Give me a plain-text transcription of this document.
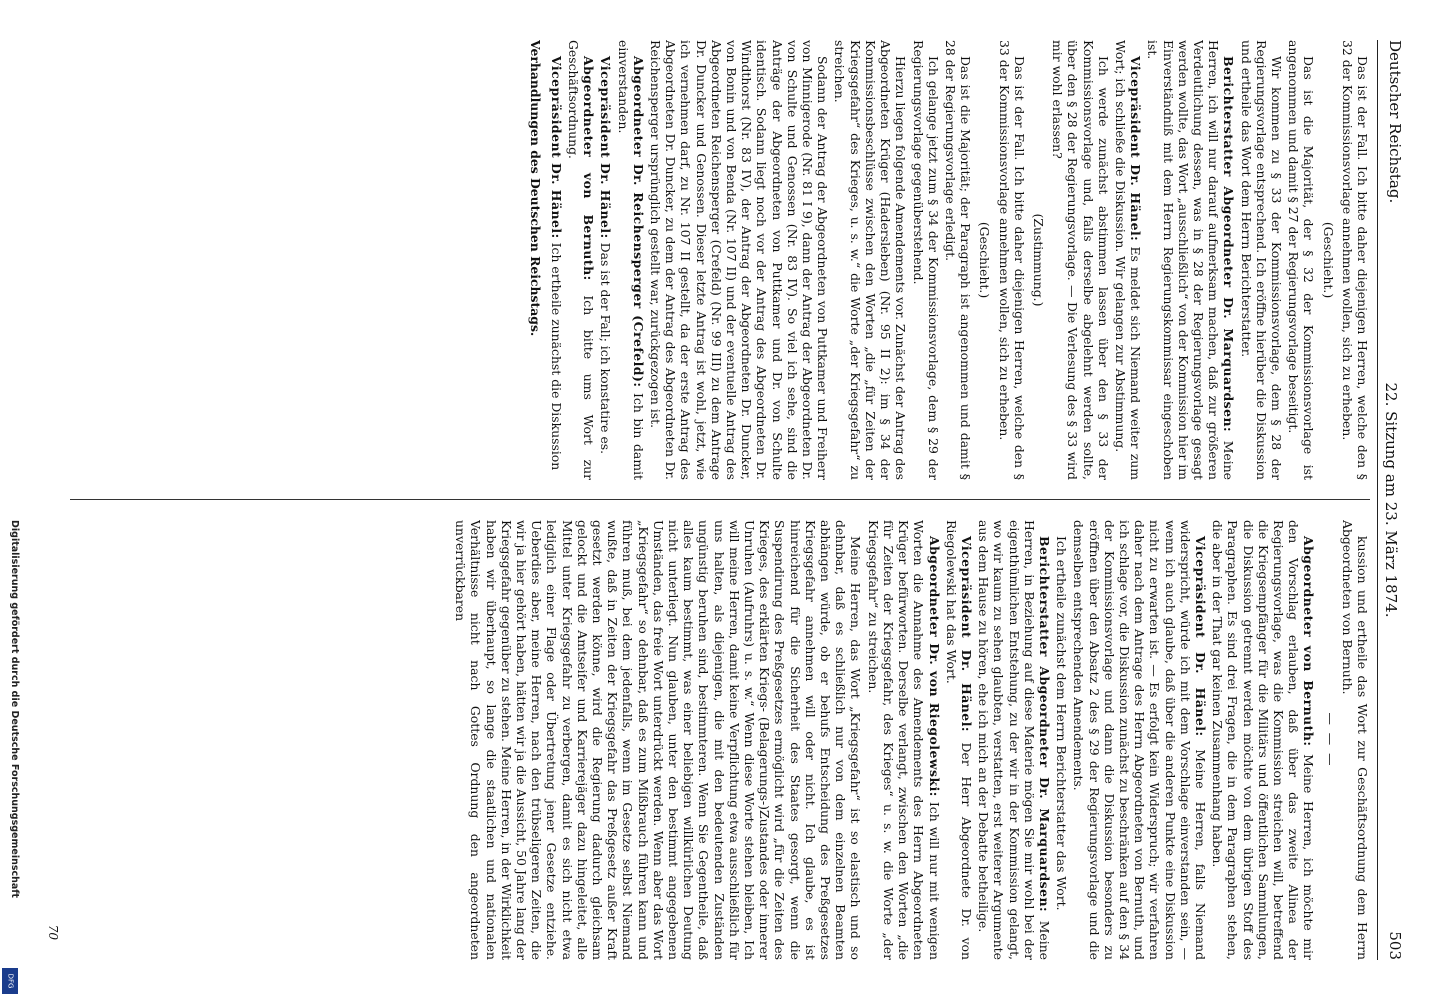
Deutscher Reichstag.
22. Sitzung am 23. März 1874.
503

Das ist der Fall. Ich bitte daher diejenigen Herren, welche den § 32 der Kommissionsvorlage annehmen wollen, sich zu erheben.

(Geschieht.)

Das ist die Majorität, der § 32 der Kommissionsvorlage ist angenommen und damit § 27 der Regierungsvorlage beseitigt.

Wir kommen zu § 33 der Kommissionsvorlage, dem § 28 der Regierungsvorlage entsprechend. Ich eröffne hierüber die Diskussion und ertheile das Wort dem Herrn Berichterstatter.

Berichterstatter Abgeordneter Dr. Marquardsen: Meine Herren, ich will nur darauf aufmerksam machen, daß zur größeren Verdeutlichung dessen, was in § 28 der Regierungsvorlage gesagt werden wollte, das Wort „ausschließlich“ von der Kommission hier im Einverständniß mit dem Herrn Regierungskommissar eingeschoben ist.

Vicepräsident Dr. Hänel: Es meldet sich Niemand weiter zum Wort; ich schließe die Diskussion. Wir gelangen zur Abstimmung.

Ich werde zunächst abstimmen lassen über den § 33 der Kommissionsvorlage und, falls derselbe abgelehnt werden sollte, über den § 28 der Regierungsvorlage. — Die Verlesung des § 33 wird mir wohl erlassen?

(Zustimmung.)

Das ist der Fall. Ich bitte daher diejenigen Herren, welche den § 33 der Kommissionsvorlage annehmen wollen, sich zu erheben.

(Geschieht.)

Das ist die Majorität; der Paragraph ist angenommen und damit § 28 der Regierungsvorlage erledigt.

Ich gelange jetzt zum § 34 der Kommissionsvorlage, dem § 29 der Regierungsvorlage gegenüberstehend.

Hierzu liegen folgende Amendements vor. Zunächst der Antrag des Abgeordneten Krüger (Hadersleben) (Nr. 95 II 2): im § 34 der Kommissionsbeschlüsse zwischen den Worten „die „für Zeiten der Kriegsgefahr“ des Krieges, u. s. w.“ die Worte „der Kriegsgefahr“ zu streichen.

Sodann der Antrag der Abgeordneten von Puttkamer und Freiherr von Minnigerode (Nr. 81 I 9), dann der Antrag der Abgeordneten Dr. von Schulte und Genossen (Nr. 83 IV). So viel ich sehe, sind die Anträge der Abgeordneten von Puttkamer und Dr. von Schulte identisch. Sodann liegt noch vor der Antrag des Abgeordneten Dr. Windthorst (Nr. 83 IV), der Antrag der Abgeordneten Dr. Duncker, von Bonin und von Benda (Nr. 107 II) und der eventuelle Antrag des Abgeordneten Reichensperger (Crefeld) (Nr. 99 III) zu dem Antrage Dr. Duncker und Genossen. Dieser letzte Antrag ist wohl, jetzt, wie ich vernehmen darf, zu Nr. 107 II gestellt, da der erste Antrag des Abgeordneten Dr. Duncker, zu dem der Antrag des Abgeordneten Dr. Reichensperger ursprünglich gestellt war, zurückgezogen ist.

Abgeordneter Dr. Reichensperger (Crefeld): Ich bin damit einverstanden.

Vicepräsident Dr. Hänel: Das ist der Fall; ich konstatire es.

Abgeordneter von Bernuth: Ich bitte ums Wort zur Geschäftsordnung.

Vicepräsident Dr. Hänel: Ich ertheile zunächst die Diskussion

Verhandlungen des Deutschen Reichstags.

kussion und ertheile das Wort zur Geschäftsordnung dem Herrn Abgeordneten von Bernuth.

— — —

Abgeordneter von Bernuth: Meine Herren, ich möchte mir den Vorschlag erlauben, daß über das zweite Alinea der Regierungsvorlage, was die Kommission streichen will, betreffend die Kriegsempfänger für die Militärs und öffentlichen Sammlungen, die Diskussion getrennt werden möchte von dem übrigen Stoff des Paragraphen. Es sind drei Fragen, die in dem Paragraphen stehen, die aber in der That gar keinen Zusammenhang haben.

Vicepräsident Dr. Hänel: Meine Herren, falls Niemand widerspricht, würde ich mit dem Vorschlage einverstanden sein, — wenn ich auch glaube, daß über die anderen Punkte eine Diskussion nicht zu erwarten ist. — Es erfolgt kein Widerspruch; wir verfahren daher nach dem Antrage des Herrn Abgeordneten von Bernuth, und ich schlage vor, die Diskussion zunächst zu beschränken auf den § 34 der Kommissionsvorlage und dann die Diskussion besonders zu eröffnen über den Absatz 2 des § 29 der Regierungsvorlage und die demselben entsprechenden Amendements.

Ich ertheile zunächst dem Herrn Berichterstatter das Wort.

Berichterstatter Abgeordneter Dr. Marquardsen: Meine Herren, in Beziehung auf diese Materie mögen Sie mir wohl bei der eigenthümlichen Entstehung, zu der wir in der Kommission gelangt, wo wir kaum zu sehen glaubten, verstatten, erst weiterer Argumente aus dem Hause zu hören, ehe ich mich an der Debatte betheilige.

Vicepräsident Dr. Hänel: Der Herr Abgeordnete Dr. von Riegolewski hat das Wort.

Abgeordneter Dr. von Riegolewski: Ich will nur mit wenigen Worten die Annahme des Amendements des Herrn Abgeordneten Krüger befürworten. Derselbe verlangt, zwischen den Worten „die für Zeiten der Kriegsgefahr, des Krieges“ u. s. w. die Worte „der Kriegsgefahr“ zu streichen.

Meine Herren, das Wort „Kriegsgefahr“ ist so elastisch und so dehnbar, daß es schließlich nur von dem einzelnen Beamten abhängen würde, ob er behufs Entscheidung des Preßgesetzes Kriegsgefahr annehmen will oder nicht. Ich glaube, es ist hinreichend für die Sicherheit des Staates gesorgt, wenn die Suspendirung des Preßgesetzes ermöglicht wird „für die Zeiten des Krieges, des erklärten Kriegs- (Belagerungs-)Zustandes oder innerer Unruhen (Aufruhrs) u. s. w.“ Wenn diese Worte stehen bleiben, Ich will meine Herren, damit keine Verpflichtung etwa ausschließlich für uns halten, als diejenigen, die mit den bedeutenden Zuständen ungünstig beruhen sind, bestimmteren. Wenn Sie Gegentheile, daß alles kaum bestimmt, was einer beliebigen willkürlichen Deutung nicht unterliegt. Nun glauben, unter den bestimmt angegebenen Umständen, das freie Wort unterdrückt werden. Wenn aber das Wort „Kriegsgefahr“ so dehnbar, daß es zum Mißbrauch führen kann und führen muß, bei dem jedenfalls, wenn im Gesetze selbst Niemand wußte, daß in Zeiten der Kriegsgefahr das Preßgesetz außer Kraft gesetzt werden könne, wird die Regierung dadurch gleichsam gelockt und die Amtseifer und Karrierejäger dazu hingeleitet, alle Mittel unter Kriegsgefahr zu verbergen, damit es sich nicht etwa lediglich einer Flage oder Übertretung jener Gesetze entziehe. Ueberdies aber, meine Herren, nach den trübseligeren Zeiten, die wir ja hier gehört haben, hätten wir ja die Aussicht, 50 Jahre lang der Kriegsgefahr gegenüber zu stehen. Meine Herren, in der Wirklichkeit haben wir überhaupt, so lange die staatlichen und nationalen Verhältnisse nicht nach Gottes Ordnung den angeordneten unverrückbaren

70
Digitalisierung gefördert durch die Deutsche Forschungsgemeinschaft
DFG
